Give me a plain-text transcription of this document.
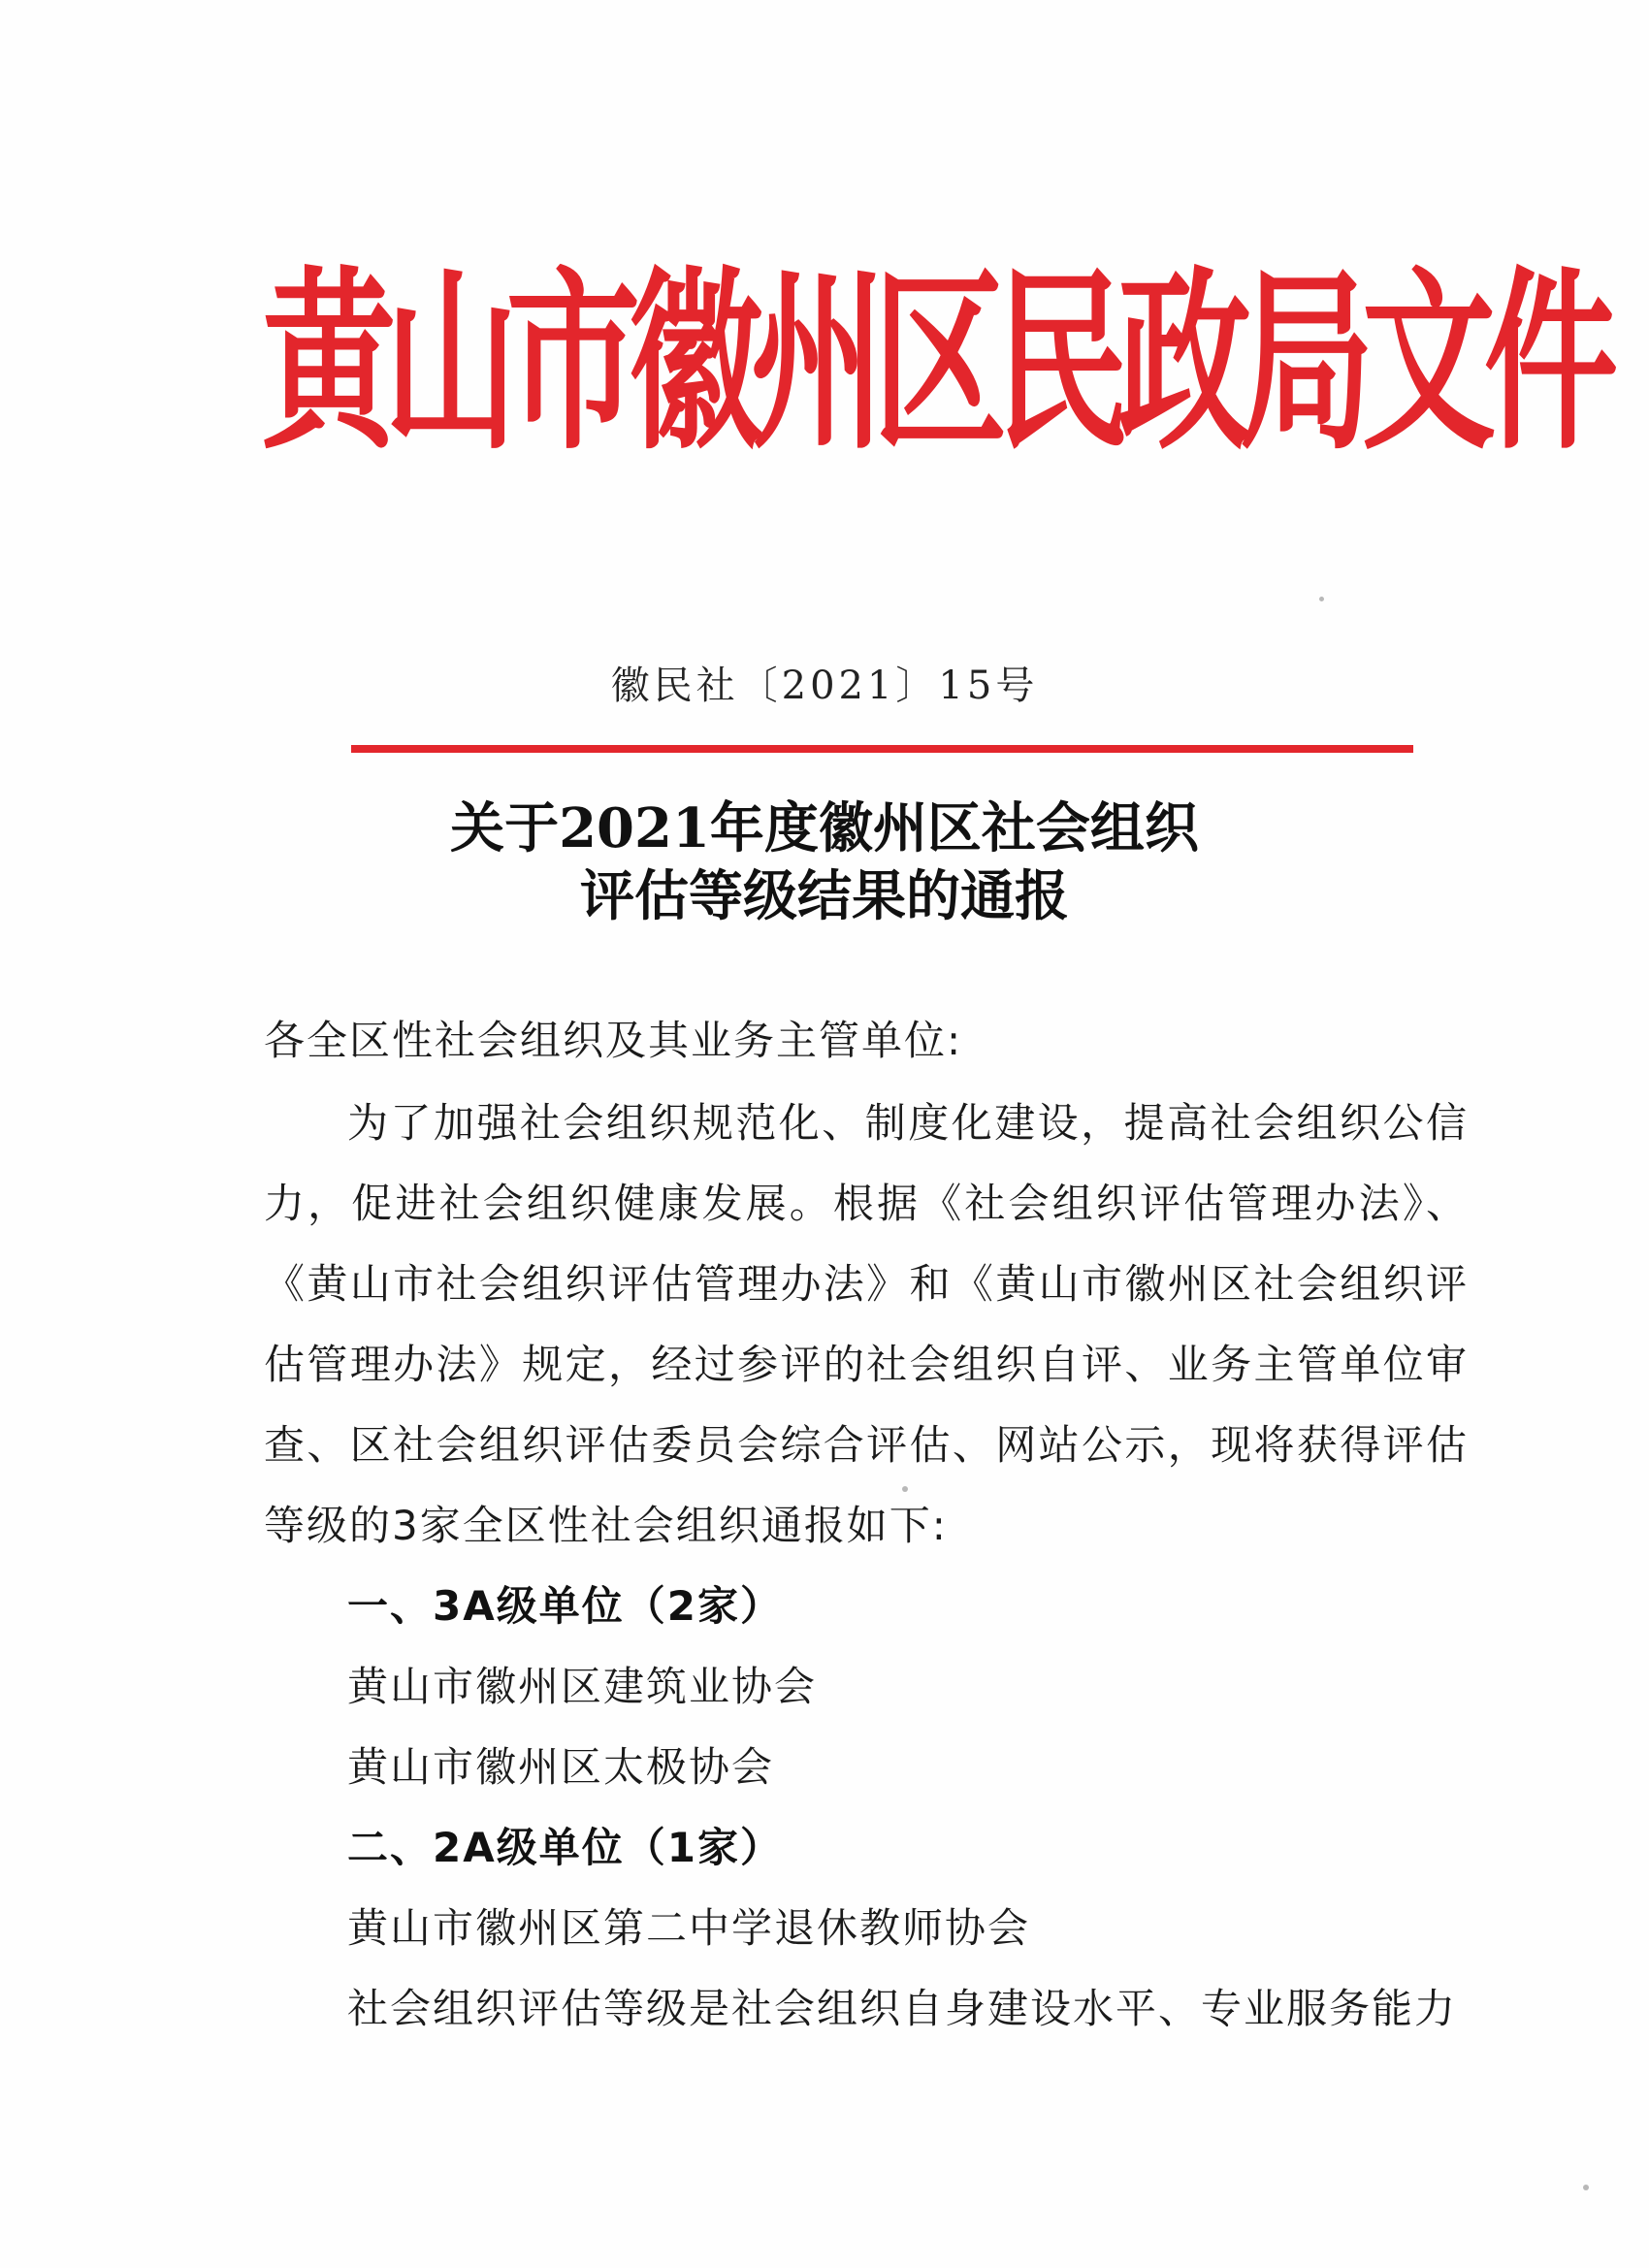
黄山市徽州区民政局文件
徽民社〔2021〕15号
关于2021年度徽州区社会组织
评估等级结果的通报
各全区性社会组织及其业务主管单位:
为了加强社会组织规范化、制度化建设，提高社会组织公信
力，促进社会组织健康发展。根据《社会组织评估管理办法》、
《黄山市社会组织评估管理办法》和《黄山市徽州区社会组织评
估管理办法》规定，经过参评的社会组织自评、业务主管单位审
查、区社会组织评估委员会综合评估、网站公示，现将获得评估
等级的3家全区性社会组织通报如下:
一、3A级单位（2家）
黄山市徽州区建筑业协会
黄山市徽州区太极协会
二、2A级单位（1家）
黄山市徽州区第二中学退休教师协会
社会组织评估等级是社会组织自身建设水平、专业服务能力
